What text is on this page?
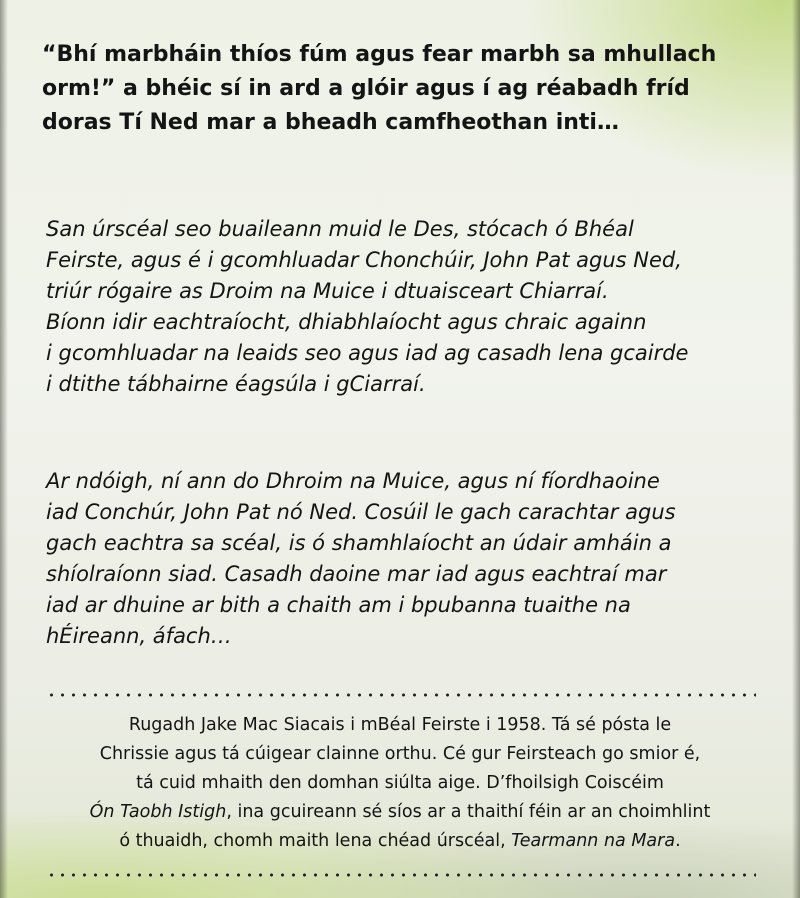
“Bhí marbháin thíos fúm agus fear marbh sa mhullach
orm!” a bhéic sí in ard a glóir agus í ag réabadh fríd
doras Tí Ned mar a bheadh camfheothan inti…

San úrscéal seo buaileann muid le Des, stócach ó Bhéal
Feirste, agus é i gcomhluadar Chonchúir, John Pat agus Ned,
triúr rógaire as Droim na Muice i dtuaisceart Chiarraí.
Bíonn idir eachtraíocht, dhiabhlaíocht agus chraic againn
i gcomhluadar na leaids seo agus iad ag casadh lena gcairde
i dtithe tábhairne éagsúla i gCiarraí.

Ar ndóigh, ní ann do Dhroim na Muice, agus ní fíordhaoine
iad Conchúr, John Pat nó Ned. Cosúil le gach carachtar agus
gach eachtra sa scéal, is ó shamhlaíocht an údair amháin a
shíolraíonn siad. Casadh daoine mar iad agus eachtraí mar
iad ar dhuine ar bith a chaith am i bpubanna tuaithe na
hÉireann, áfach…

Rugadh Jake Mac Siacais i mBéal Feirste i 1958. Tá sé pósta le
Chrissie agus tá cúigear clainne orthu. Cé gur Feirsteach go smior é,
tá cuid mhaith den domhan siúlta aige. D’fhoilsigh Coiscéim
Ón Taobh Istigh, ina gcuireann sé síos ar a thaithí féin ar an choimhlint
ó thuaidh, chomh maith lena chéad úrscéal, Tearmann na Mara.
